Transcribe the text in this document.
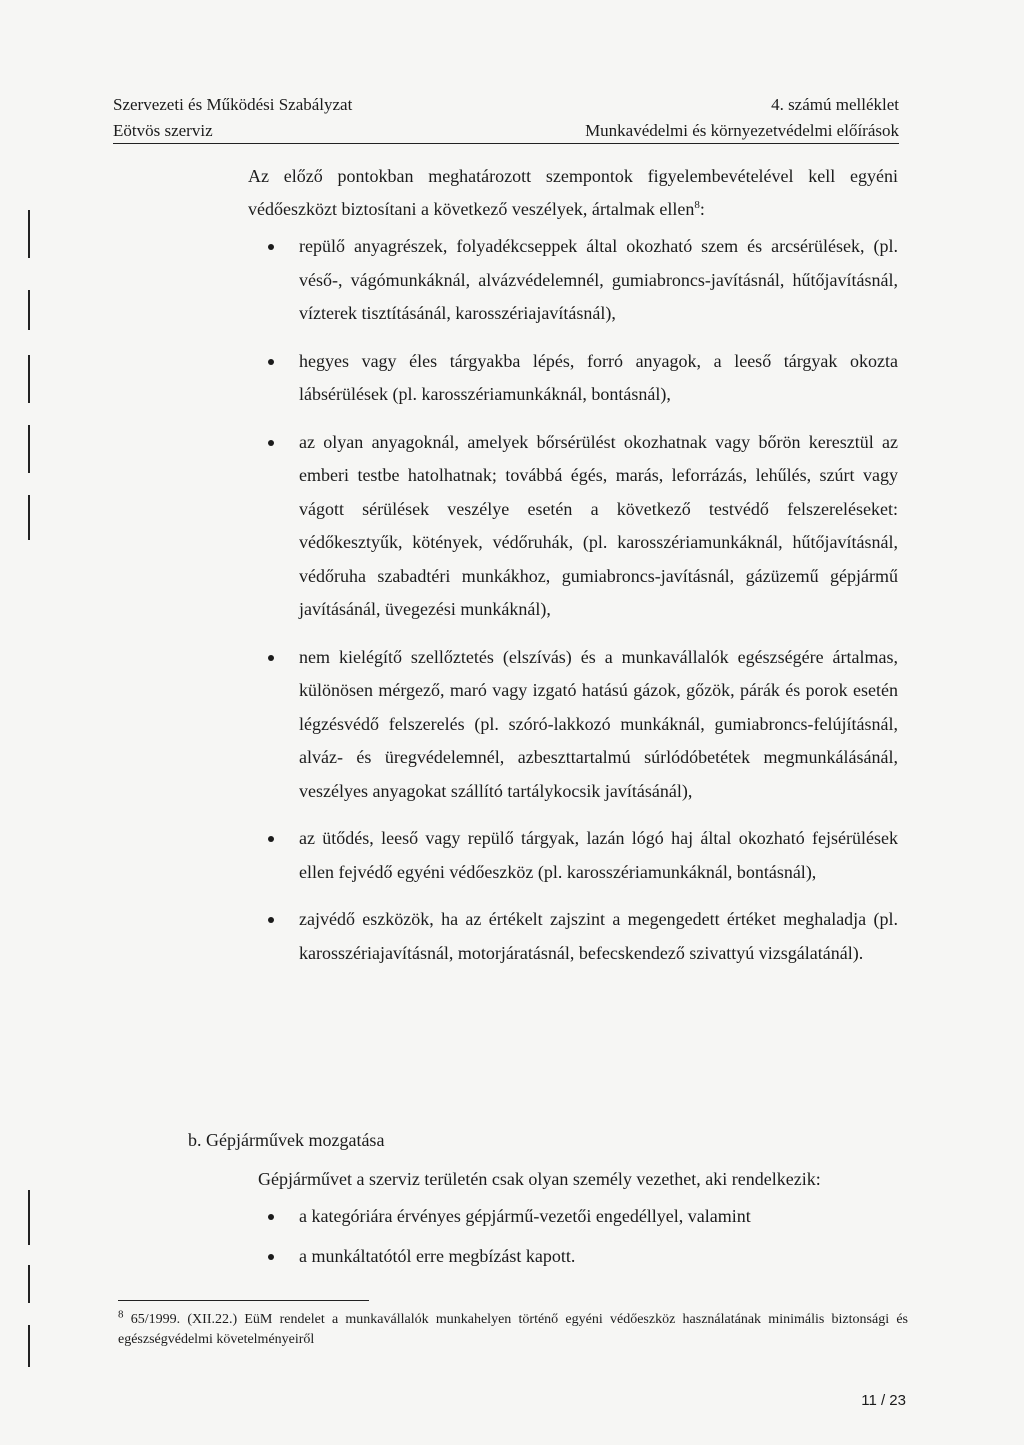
Szervezeti és Működési Szabályzat
Eötvös szerviz
4. számú melléklet
Munkavédelmi és környezetvédelmi előírások

Az előző pontokban meghatározott szempontok figyelembevételével kell egyéni védőeszközt biztosítani a következő veszélyek, ártalmak ellen$^8$:

repülő anyagrészek, folyadékcseppek által okozható szem és arcsérülések, (pl. véső-, vágómunkáknál, alvázvédelemnél, gumiabroncs-javításnál, hűtőjavításnál, vízterek tisztításánál, karosszériajavításnál),
hegyes vagy éles tárgyakba lépés, forró anyagok, a leeső tárgyak okozta lábsérülések (pl. karosszériamunkáknál, bontásnál),
az olyan anyagoknál, amelyek bőrsérülést okozhatnak vagy bőrön keresztül az emberi testbe hatolhatnak; továbbá égés, marás, leforrázás, lehűlés, szúrt vagy vágott sérülések veszélye esetén a következő testvédő felszereléseket: védőkesztyűk, kötények, védőruhák, (pl. karosszériamunkáknál, hűtőjavításnál, védőruha szabadtéri munkákhoz, gumiabroncs-javításnál, gázüzemű gépjármű javításánál, üvegezési munkáknál),
nem kielégítő szellőztetés (elszívás) és a munkavállalók egészségére ártalmas, különösen mérgező, maró vagy izgató hatású gázok, gőzök, párák és porok esetén légzésvédő felszerelés (pl. szóró-lakkozó munkáknál, gumiabroncs-felújításnál, alváz- és üregvédelemnél, azbeszttartalmú súrlódóbetétek megmunkálásánál, veszélyes anyagokat szállító tartálykocsik javításánál),
az ütődés, leeső vagy repülő tárgyak, lazán lógó haj által okozható fejsérülések ellen fejvédő egyéni védőeszköz (pl. karosszériamunkáknál, bontásnál),
zajvédő eszközök, ha az értékelt zajszint a megengedett értéket meghaladja (pl. karosszériajavításnál, motorjáratásnál, befecskendező szivattyú vizsgálatánál).
b. Gépjárművek mozgatása
Gépjárművet a szerviz területén csak olyan személy vezethet, aki rendelkezik:
a kategóriára érvényes gépjármű-vezetői engedéllyel, valamint
a munkáltatótól erre megbízást kapott.
$^8$ 65/1999. (XII.22.) EüM rendelet a munkavállalók munkahelyen történő egyéni védőeszköz használatának minimális biztonsági és egészségvédelmi követelményeiről
11 / 23
